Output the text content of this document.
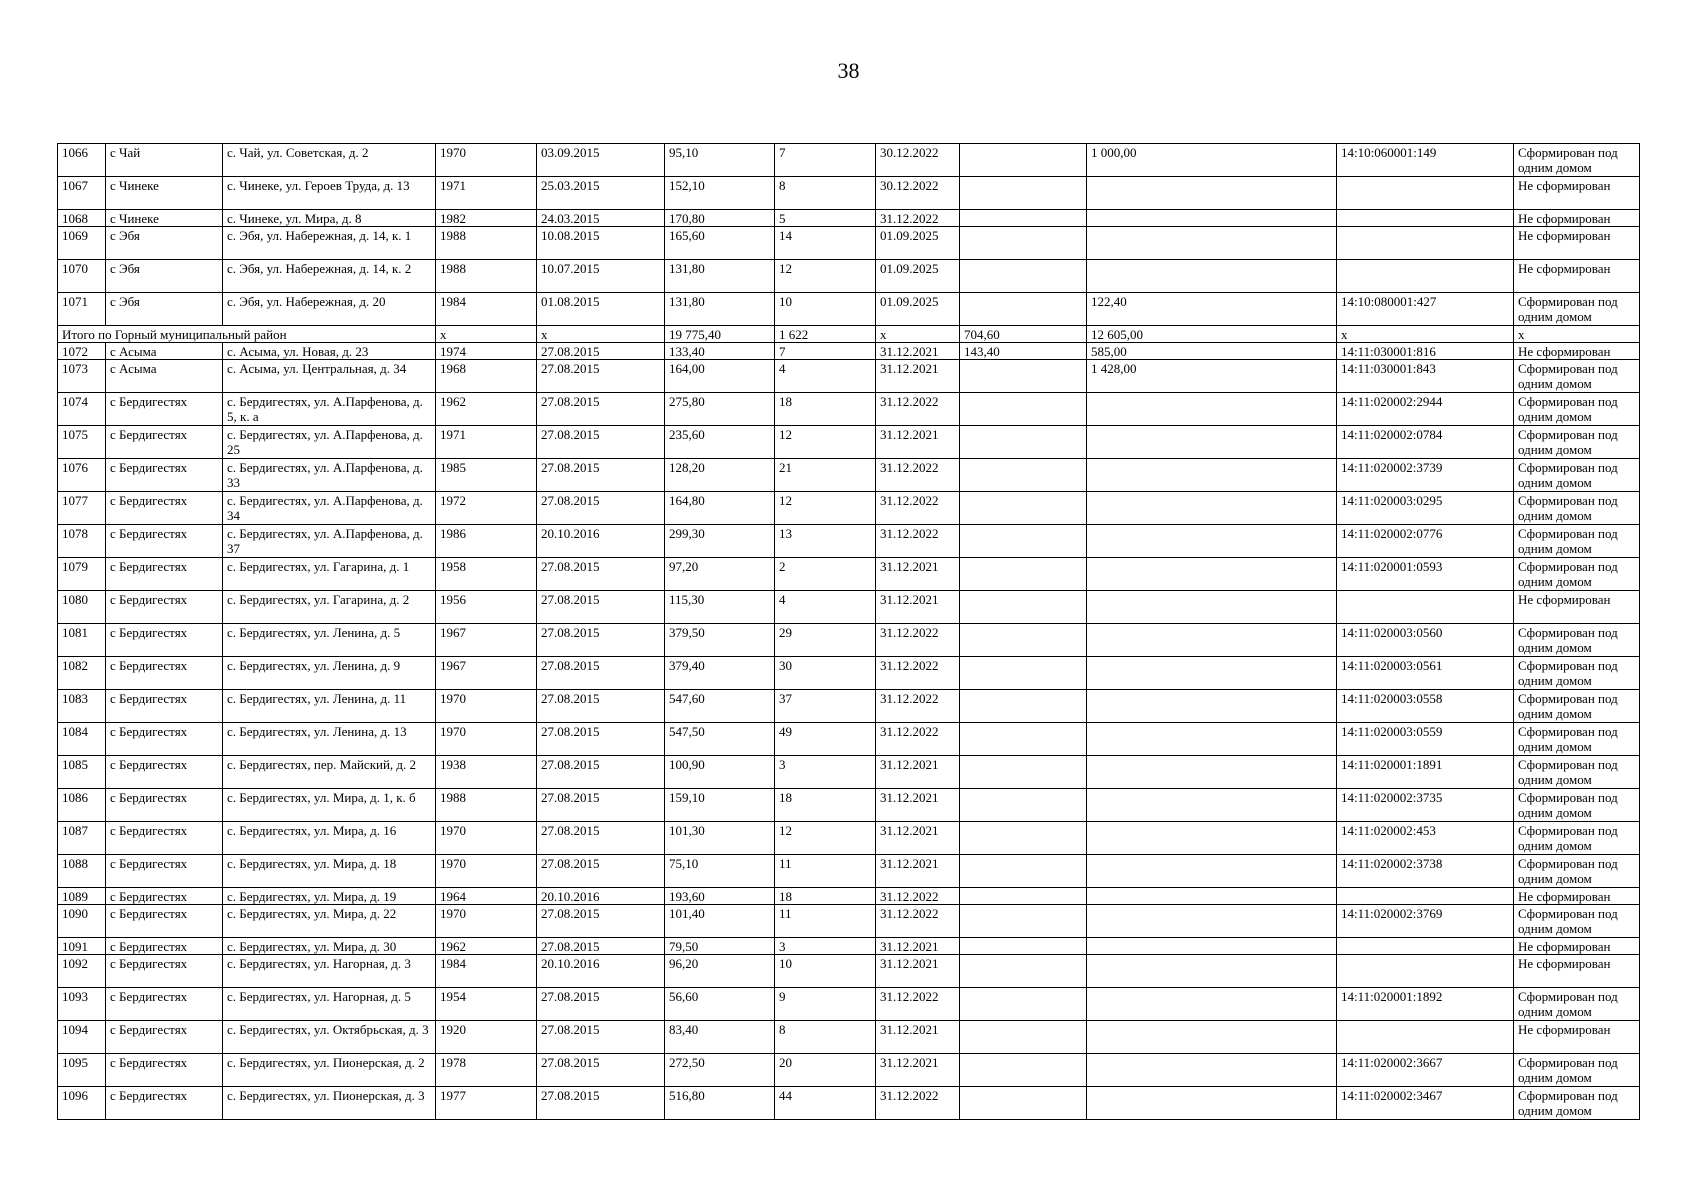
38
1066	с Чай	с. Чай, ул. Советская, д. 2	1970	03.09.2015	95,10	7	30.12.2022		1 000,00	14:10:060001:149	Сформирован под одним домом
1067	с Чинеке	с. Чинеке, ул. Героев Труда, д. 13	1971	25.03.2015	152,10	8	30.12.2022				Не сформирован
1068	с Чинеке	с. Чинеке, ул. Мира, д. 8	1982	24.03.2015	170,80	5	31.12.2022				Не сформирован
1069	с Эбя	с. Эбя, ул. Набережная, д. 14, к. 1	1988	10.08.2015	165,60	14	01.09.2025				Не сформирован
1070	с Эбя	с. Эбя, ул. Набережная, д. 14, к. 2	1988	10.07.2015	131,80	12	01.09.2025				Не сформирован
1071	с Эбя	с. Эбя, ул. Набережная, д. 20	1984	01.08.2015	131,80	10	01.09.2025		122,40	14:10:080001:427	Сформирован под одним домом
Итого по Горный муниципальный район			х	х	19 775,40	1 622	х	704,60	12 605,00	х	х
1072	с Асыма	с. Асыма, ул. Новая, д. 23	1974	27.08.2015	133,40	7	31.12.2021	143,40	585,00	14:11:030001:816	Не сформирован
1073	с Асыма	с. Асыма, ул. Центральная, д. 34	1968	27.08.2015	164,00	4	31.12.2021		1 428,00	14:11:030001:843	Сформирован под одним домом
1074	с Бердигестях	с. Бердигестях, ул. А.Парфенова, д. 5, к. а	1962	27.08.2015	275,80	18	31.12.2022			14:11:020002:2944	Сформирован под одним домом
1075	с Бердигестях	с. Бердигестях, ул. А.Парфенова, д. 25	1971	27.08.2015	235,60	12	31.12.2021			14:11:020002:0784	Сформирован под одним домом
1076	с Бердигестях	с. Бердигестях, ул. А.Парфенова, д. 33	1985	27.08.2015	128,20	21	31.12.2022			14:11:020002:3739	Сформирован под одним домом
1077	с Бердигестях	с. Бердигестях, ул. А.Парфенова, д. 34	1972	27.08.2015	164,80	12	31.12.2022			14:11:020003:0295	Сформирован под одним домом
1078	с Бердигестях	с. Бердигестях, ул. А.Парфенова, д. 37	1986	20.10.2016	299,30	13	31.12.2022			14:11:020002:0776	Сформирован под одним домом
1079	с Бердигестях	с. Бердигестях, ул. Гагарина, д. 1	1958	27.08.2015	97,20	2	31.12.2021			14:11:020001:0593	Сформирован под одним домом
1080	с Бердигестях	с. Бердигестях, ул. Гагарина, д. 2	1956	27.08.2015	115,30	4	31.12.2021				Не сформирован
1081	с Бердигестях	с. Бердигестях, ул. Ленина, д. 5	1967	27.08.2015	379,50	29	31.12.2022			14:11:020003:0560	Сформирован под одним домом
1082	с Бердигестях	с. Бердигестях, ул. Ленина, д. 9	1967	27.08.2015	379,40	30	31.12.2022			14:11:020003:0561	Сформирован под одним домом
1083	с Бердигестях	с. Бердигестях, ул. Ленина, д. 11	1970	27.08.2015	547,60	37	31.12.2022			14:11:020003:0558	Сформирован под одним домом
1084	с Бердигестях	с. Бердигестях, ул. Ленина, д. 13	1970	27.08.2015	547,50	49	31.12.2022			14:11:020003:0559	Сформирован под одним домом
1085	с Бердигестях	с. Бердигестях, пер. Майский, д. 2	1938	27.08.2015	100,90	3	31.12.2021			14:11:020001:1891	Сформирован под одним домом
1086	с Бердигестях	с. Бердигестях, ул. Мира, д. 1, к. б	1988	27.08.2015	159,10	18	31.12.2021			14:11:020002:3735	Сформирован под одним домом
1087	с Бердигестях	с. Бердигестях, ул. Мира, д. 16	1970	27.08.2015	101,30	12	31.12.2021			14:11:020002:453	Сформирован под одним домом
1088	с Бердигестях	с. Бердигестях, ул. Мира, д. 18	1970	27.08.2015	75,10	11	31.12.2021			14:11:020002:3738	Сформирован под одним домом
1089	с Бердигестях	с. Бердигестях, ул. Мира, д. 19	1964	20.10.2016	193,60	18	31.12.2022				Не сформирован
1090	с Бердигестях	с. Бердигестях, ул. Мира, д. 22	1970	27.08.2015	101,40	11	31.12.2022			14:11:020002:3769	Сформирован под одним домом
1091	с Бердигестях	с. Бердигестях, ул. Мира, д. 30	1962	27.08.2015	79,50	3	31.12.2021				Не сформирован
1092	с Бердигестях	с. Бердигестях, ул. Нагорная, д. 3	1984	20.10.2016	96,20	10	31.12.2021				Не сформирован
1093	с Бердигестях	с. Бердигестях, ул. Нагорная, д. 5	1954	27.08.2015	56,60	9	31.12.2022			14:11:020001:1892	Сформирован под одним домом
1094	с Бердигестях	с. Бердигестях, ул. Октябрьская, д. 3	1920	27.08.2015	83,40	8	31.12.2021				Не сформирован
1095	с Бердигестях	с. Бердигестях, ул. Пионерская, д. 2	1978	27.08.2015	272,50	20	31.12.2021			14:11:020002:3667	Сформирован под одним домом
1096	с Бердигестях	с. Бердигестях, ул. Пионерская, д. 3	1977	27.08.2015	516,80	44	31.12.2022			14:11:020002:3467	Сформирован под одним домом
